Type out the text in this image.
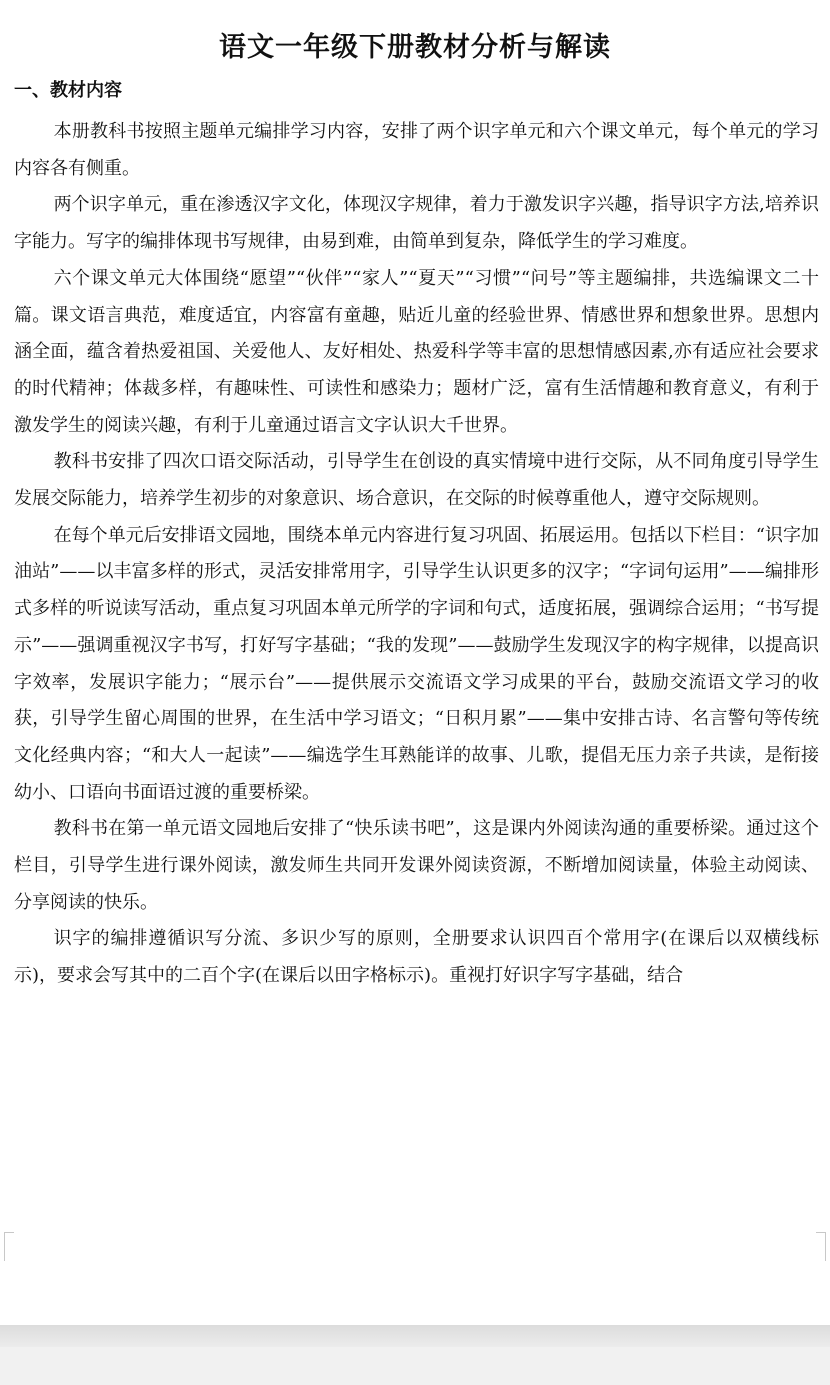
语文一年级下册教材分析与解读
一、教材内容

本册教科书按照主题单元编排学习内容，安排了两个识字单元和六个课文单元，每个单元的学习内容各有侧重。

两个识字单元，重在渗透汉字文化，体现汉字规律，着力于激发识字兴趣，指导识字方法,培养识字能力。写字的编排体现书写规律，由易到难，由简单到复杂，降低学生的学习难度。

六个课文单元大体围绕“愿望”“伙伴”“家人”“夏天”“习惯”“问号”等主题编排，共选编课文二十篇。课文语言典范，难度适宜，内容富有童趣，贴近儿童的经验世界、情感世界和想象世界。思想内涵全面，蕴含着热爱祖国、关爱他人、友好相处、热爱科学等丰富的思想情感因素,亦有适应社会要求的时代精神；体裁多样，有趣味性、可读性和感染力；题材广泛，富有生活情趣和教育意义，有利于激发学生的阅读兴趣，有利于儿童通过语言文字认识大千世界。

教科书安排了四次口语交际活动，引导学生在创设的真实情境中进行交际，从不同角度引导学生发展交际能力，培养学生初步的对象意识、场合意识，在交际的时候尊重他人，遵守交际规则。

在每个单元后安排语文园地，围绕本单元内容进行复习巩固、拓展运用。包括以下栏目：“识字加油站”——以丰富多样的形式，灵活安排常用字，引导学生认识更多的汉字；“字词句运用”——编排形式多样的听说读写活动，重点复习巩固本单元所学的字词和句式，适度拓展，强调综合运用；“书写提示”——强调重视汉字书写，打好写字基础；“我的发现”——鼓励学生发现汉字的构字规律，以提高识字效率，发展识字能力；“展示台”——提供展示交流语文学习成果的平台，鼓励交流语文学习的收获，引导学生留心周围的世界，在生活中学习语文；“日积月累”——集中安排古诗、名言警句等传统文化经典内容；“和大人一起读”——编选学生耳熟能详的故事、儿歌，提倡无压力亲子共读，是衔接幼小、口语向书面语过渡的重要桥梁。

教科书在第一单元语文园地后安排了“快乐读书吧”，这是课内外阅读沟通的重要桥梁。通过这个栏目，引导学生进行课外阅读，激发师生共同开发课外阅读资源，不断增加阅读量，体验主动阅读、分享阅读的快乐。

识字的编排遵循识写分流、多识少写的原则，全册要求认识四百个常用字(在课后以双横线标示)，要求会写其中的二百个字(在课后以田字格标示)。重视打好识字写字基础，结合
